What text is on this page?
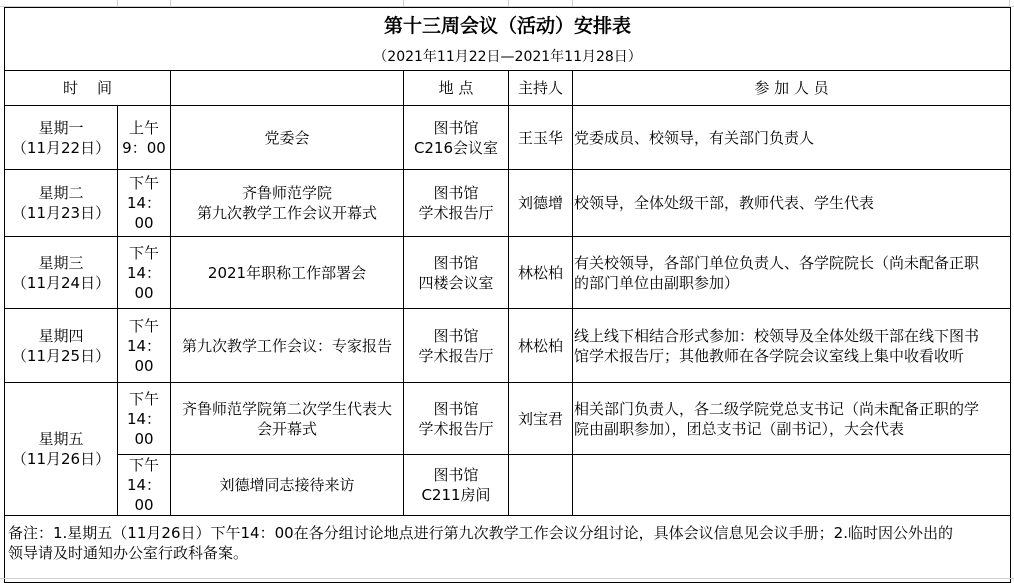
第十三周会议（活动）安排表					
（2021年11月22日—2021年11月28日）					
时    间			地 点	主持人	参 加 人 员

星期一
（11月22日）	上午
9：00	党委会	图书馆
C216会议室	王玉华	党委成员、校领导，有关部门负责人

星期二
（11月23日）	下午
14：00	齐鲁师范学院
第九次教学工作会议开幕式	图书馆
学术报告厅	刘德增	校领导，全体处级干部，教师代表、学生代表

星期三
（11月24日）	下午
14：00	2021年职称工作部署会	图书馆
四楼会议室	林松柏	有关校领导，各部门单位负责人、各学院院长（尚未配备正职
的部门单位由副职参加）

星期四
（11月25日）	下午
14：00	第九次教学工作会议：专家报告	图书馆
学术报告厅	林松柏	线上线下相结合形式参加：校领导及全体处级干部在线下图书
馆学术报告厅；其他教师在各学院会议室线上集中收看收听

星期五
（11月26日）	下午
14：00	齐鲁师范学院第二次学生代表大
会开幕式	图书馆
学术报告厅	刘宝君	相关部门负责人，各二级学院党总支书记（尚未配备正职的学
院由副职参加），团总支书记（副书记），大会代表

	下午
14：00	刘德增同志接待来访	图书馆
C211房间		

备注：1.星期五（11月26日）下午14：00在各分组讨论地点进行第九次教学工作会议分组讨论，具体会议信息见会议手册；2.临时因公外出的
领导请及时通知办公室行政科备案。					
